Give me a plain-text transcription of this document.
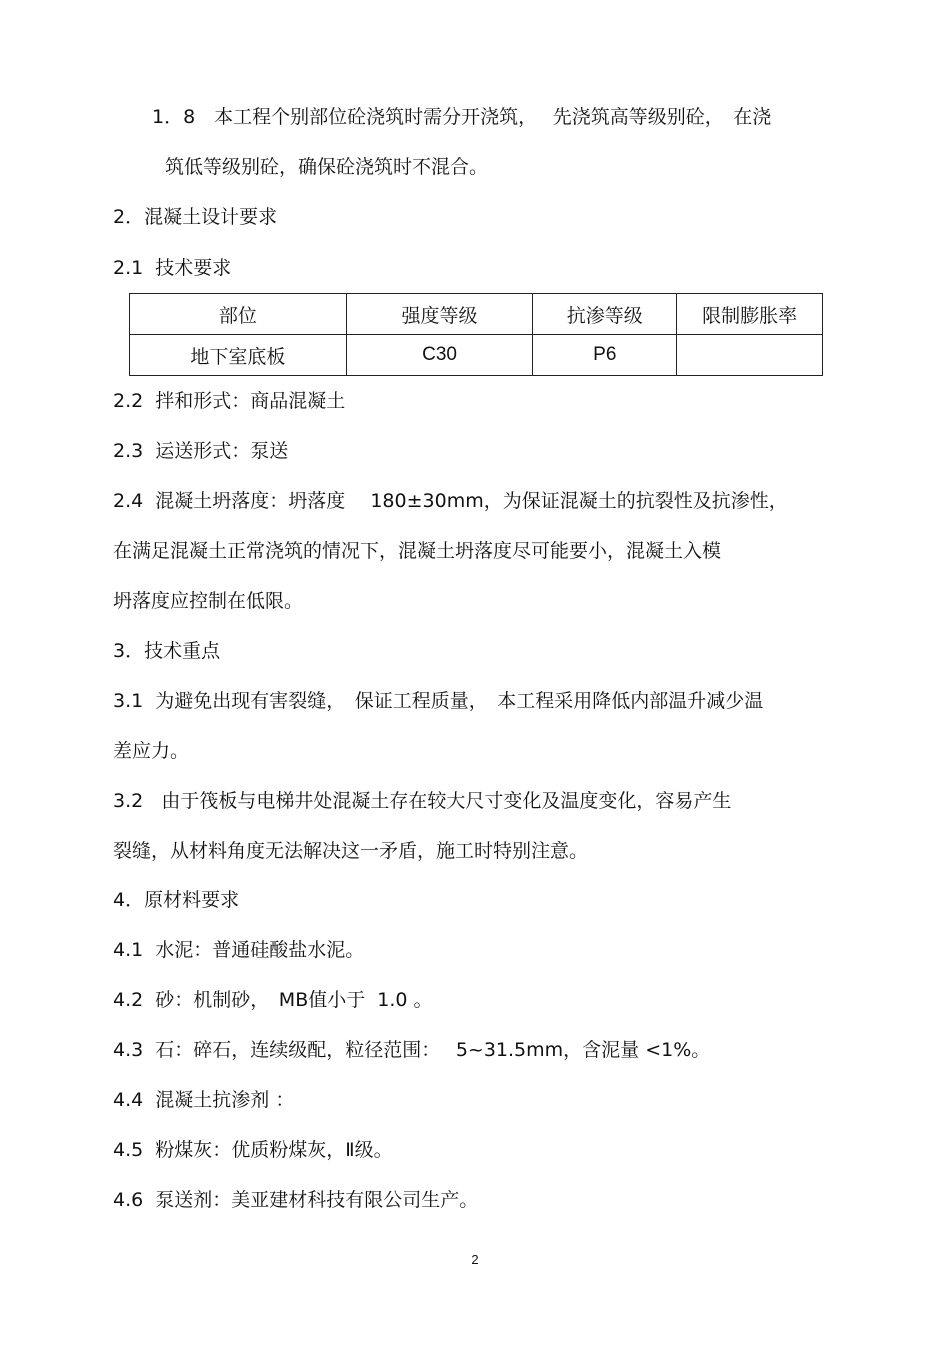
1．8　本工程个别部位砼浇筑时需分开浇筑，　 先浇筑高等级别砼，　在浇
筑低等级别砼，确保砼浇筑时不混合。
2．混凝土设计要求
2.1  技术要求
部位	强度等级	抗渗等级	限制膨胀率
地下室底板	C30	P6	
2.2  拌和形式：商品混凝土
2.3  运送形式：泵送
2.4  混凝土坍落度：坍落度　 180±30mm，为保证混凝土的抗裂性及抗渗性，
在满足混凝土正常浇筑的情况下，混凝土坍落度尽可能要小，混凝土入模
坍落度应控制在低限。
3．技术重点
3.1  为避免出现有害裂缝，　保证工程质量，　本工程采用降低内部温升减少温
差应力。
3.2   由于筏板与电梯井处混凝土存在较大尺寸变化及温度变化，容易产生
裂缝，从材料角度无法解决这一矛盾，施工时特别注意。
4．原材料要求
4.1  水泥：普通硅酸盐水泥。
4.2  砂：机制砂，　MB值小于  1.0 。
4.3  石：碎石，连续级配，粒径范围：　 5~31.5mm，含泥量 <1%。
4.4  混凝土抗渗剂 ：
4.5  粉煤灰：优质粉煤灰，Ⅱ级。
4.6  泵送剂：美亚建材科技有限公司生产。
2
